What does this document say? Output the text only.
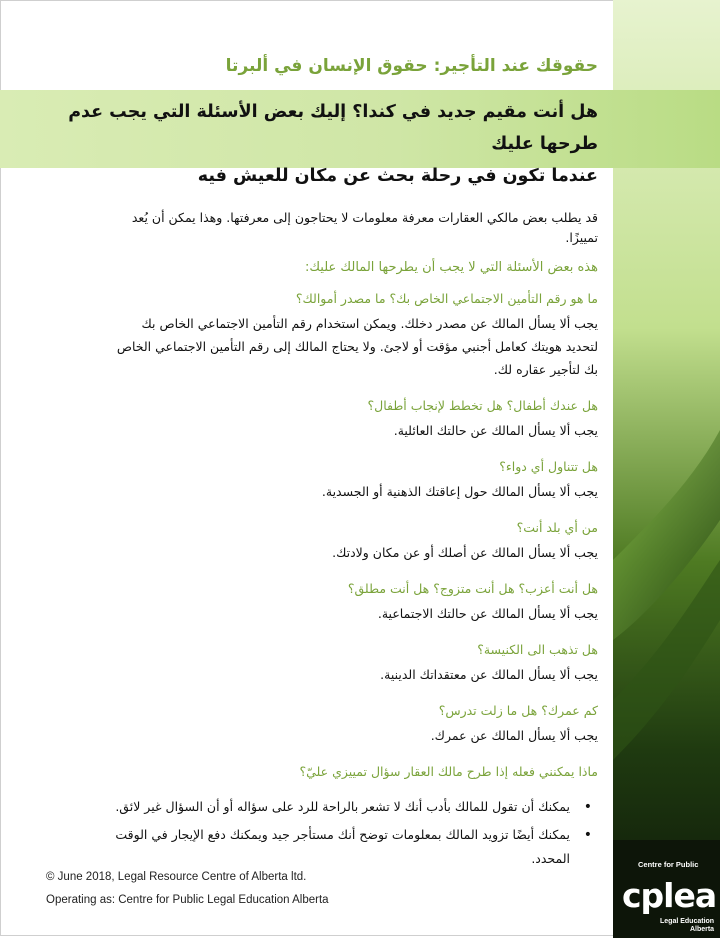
حقوقك عند التأجير: حقوق الإنسان في ألبرتا
هل أنت مقيم جديد في كندا؟ إليك بعض الأسئلة التي يجب عدم طرحها عليك
عندما تكون في رحلة بحث عن مكان للعيش فيه

قد يطلب بعض مالكي العقارات معرفة معلومات لا يحتاجون إلى معرفتها. وهذا يمكن أن يُعد تمييزًا.

هذه بعض الأسئلة التي لا يجب أن يطرحها المالك عليك:

ما هو رقم التأمين الاجتماعي الخاص بك؟ ما مصدر أموالك؟

يجب ألا يسأل المالك عن مصدر دخلك. ويمكن استخدام رقم التأمين الاجتماعي الخاص بك لتحديد هويتك كعامل أجنبي مؤقت أو لاجئ. ولا يحتاج المالك إلى رقم التأمين الاجتماعي الخاص بك لتأجير عقاره لك.

هل عندك أطفال؟ هل تخطط لإنجاب أطفال؟

يجب ألا يسأل المالك عن حالتك العائلية.

هل تتناول أي دواء؟

يجب ألا يسأل المالك حول إعاقتك الذهنية أو الجسدية.

من أي بلد أنت؟

يجب ألا يسأل المالك عن أصلك أو عن مكان ولادتك.

هل أنت أعزب؟ هل أنت متزوج؟ هل أنت مطلق؟

يجب ألا يسأل المالك عن حالتك الاجتماعية.

هل تذهب الى الكنيسة؟

يجب ألا يسأل المالك عن معتقداتك الدينية.

كم عمرك؟ هل ما زلت تدرس؟

يجب ألا يسأل المالك عن عمرك.

ماذا يمكنني فعله إذا طرح مالك العقار سؤال تمييزي عليّ؟

• يمكنك أن تقول للمالك بأدب أنك لا تشعر بالراحة للرد على سؤاله أو أن السؤال غير لائق.
• يمكنك أيضًا تزويد المالك بمعلومات توضح أنك مستأجر جيد ويمكنك دفع الإيجار في الوقت المحدد.
© June 2018, Legal Resource Centre of Alberta ltd.
Operating as: Centre for Public Legal Education Alberta
Centre for Public
cplea
Legal Education
Alberta
